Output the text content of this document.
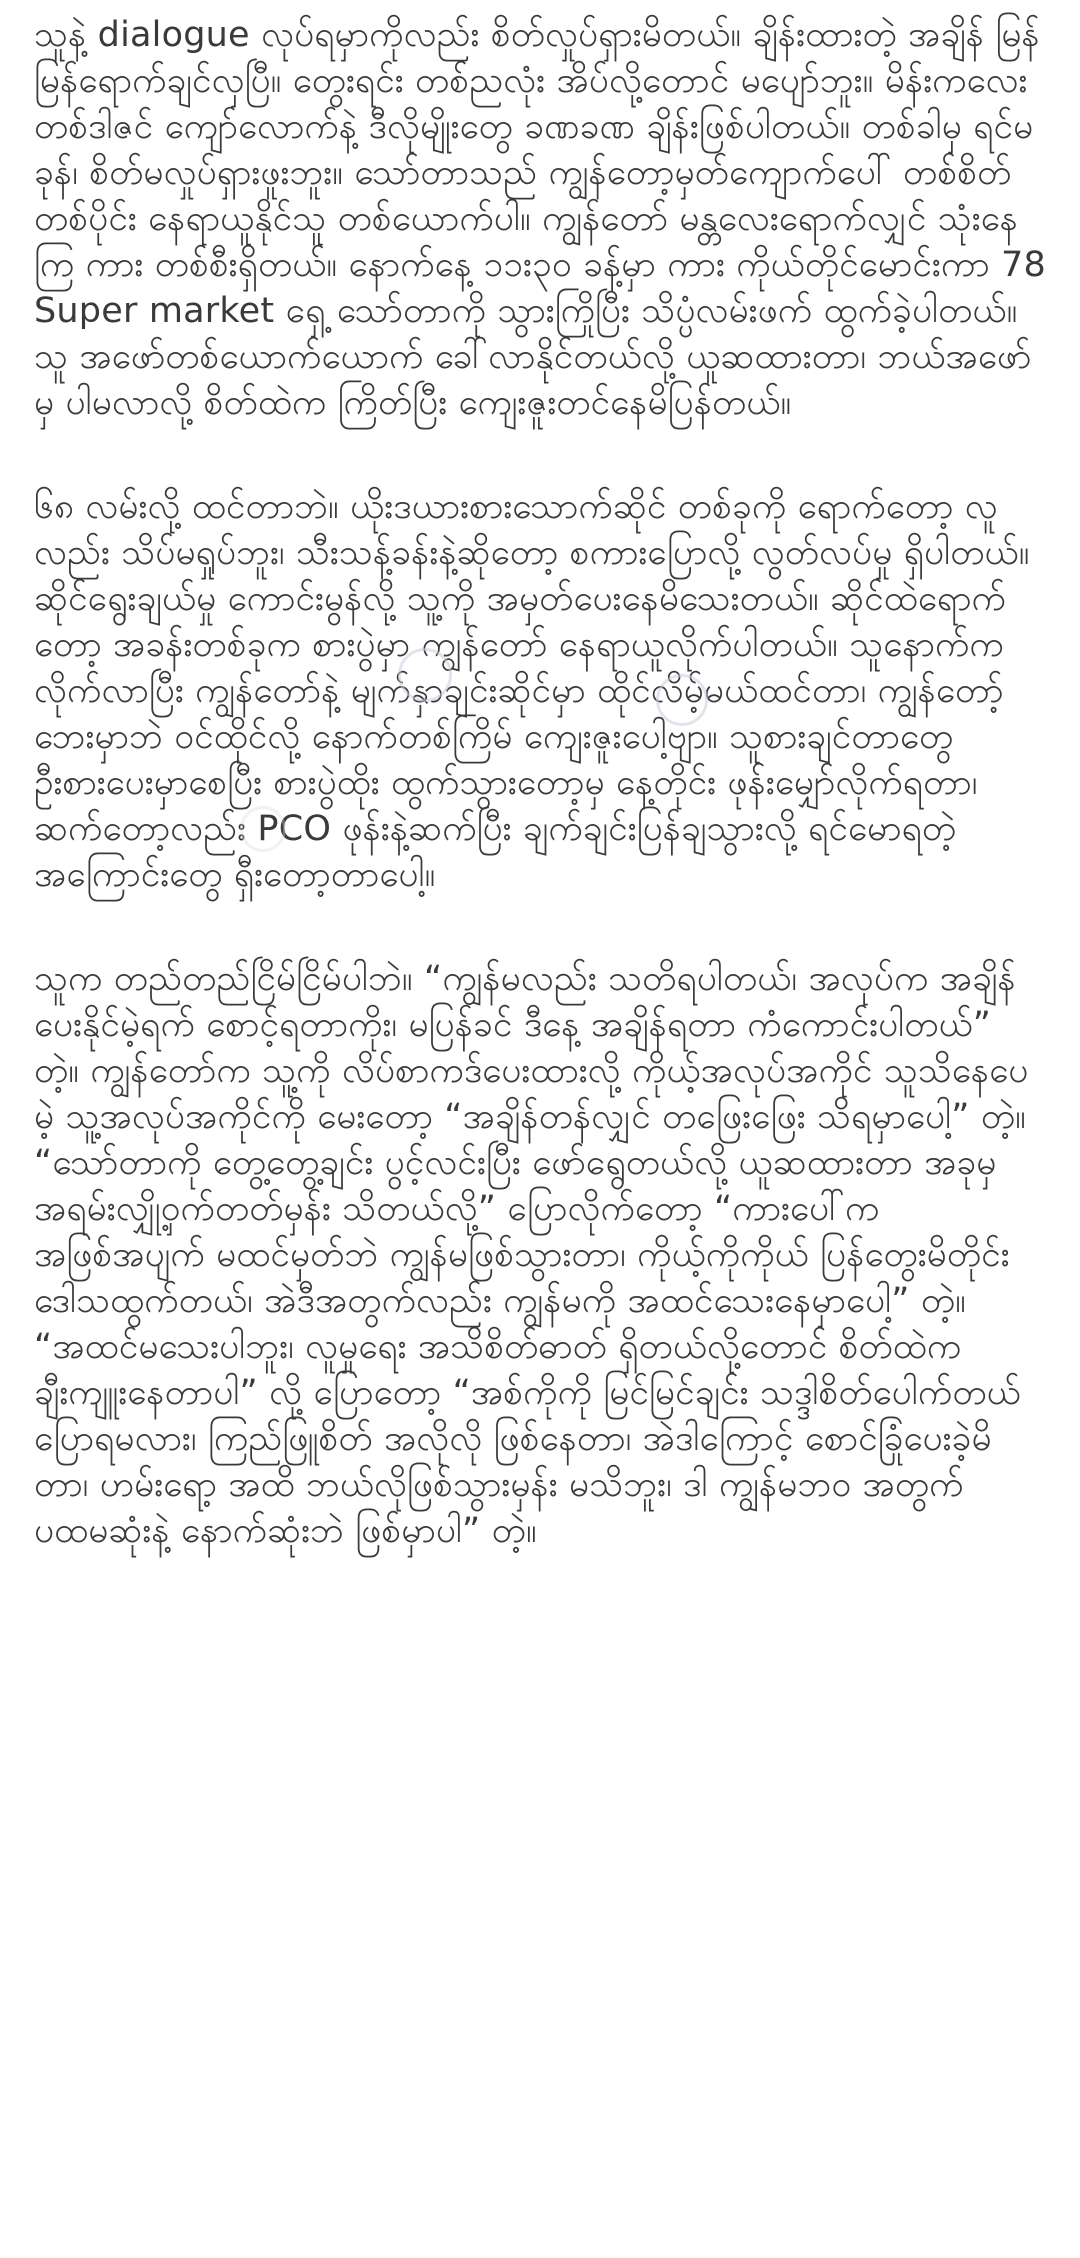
သူနဲ့ dialogue လုပ်ရမှာကိုလည်း စိတ်လှုပ်ရှားမိတယ်။ ချိန်းထားတဲ့ အချိန် မြန်မြန်ရောက်ချင်လှပြီ။ တွေးရင်း တစ်ညလုံး အိပ်လို့တောင် မပျော်ဘူး။ မိန်းကလေး တစ်ဒါဇင် ကျော်လောက်နဲ့ ဒီလိုမျိုးတွေ ခဏခဏ ချိန်းဖြစ်ပါတယ်။ တစ်ခါမှ ရင်မခုန်၊ စိတ်မလှုပ်ရှားဖူးဘူး။ သော်တာသည် ကျွန်တော့မှတ်ကျောက်ပေါ် တစ်စိတ်တစ်ပိုင်း နေရာယူနိုင်သူ တစ်ယောက်ပါ။ ကျွန်တော် မန္တလေးရောက်လျှင် သုံးနေကြ ကား တစ်စီးရှိတယ်။ နောက်နေ့ ၁၁း၃၀ ခန့်မှာ ကား ကိုယ်တိုင်မောင်းကာ 78 Super market ရှေ့ သော်တာကို သွားကြိုပြီး သိပ္ပံလမ်းဖက် ထွက်ခဲ့ပါတယ်။ သူ အဖော်တစ်ယောက်ယောက် ခေါ်လာနိုင်တယ်လို့ ယူဆထားတာ၊ ဘယ်အဖော်မှ ပါမလာလို့ စိတ်ထဲက ကြိတ်ပြီး ကျေးဇူးတင်နေမိပြန်တယ်။

၆၈ လမ်းလို့ ထင်တာဘဲ။ ယိုးဒယားစားသောက်ဆိုင် တစ်ခုကို ရောက်တော့ လူလည်း သိပ်မရှုပ်ဘူး၊ သီးသန့်ခန်းနဲ့ဆိုတော့ စကားပြောလို့ လွတ်လပ်မှု ရှိပါတယ်။ ဆိုင်ရွေးချယ်မှု ကောင်းမွန်လို့ သူ့ကို အမှတ်ပေးနေမိသေးတယ်။ ဆိုင်ထဲရောက်တော့ အခန်းတစ်ခုက စားပွဲမှာ ကျွန်တော် နေရာယူလိုက်ပါတယ်။ သူနောက်က လိုက်လာပြီး ကျွန်တော်နဲ့ မျက်နှာချင်းဆိုင်မှာ ထိုင်လိမ့်မယ်ထင်တာ၊ ကျွန်တော့်ဘေးမှာဘဲ ဝင်ထိုင်လို့ နောက်တစ်ကြိမ် ကျေးဇူးပေါ့ဗျာ။ သူစားချင်တာတွေ ဦးစားပေးမှာစေပြီး စားပွဲထိုး ထွက်သွားတော့မှ နေ့တိုင်း ဖုန်းမျှော်လိုက်ရတာ၊ ဆက်တော့လည်း PCO ဖုန်းနဲ့ဆက်ပြီး ချက်ချင်းပြန်ချသွားလို့ ရင်မောရတဲ့ အကြောင်းတွေ ရှီးတော့တာပေါ့။

သူက တည်တည်ငြိမ်ငြိမ်ပါဘဲ။ “ကျွန်မလည်း သတိရပါတယ်၊ အလုပ်က အချိန်ပေးနိုင်မဲ့ရက် စောင့်ရတာကိုး၊ မပြန်ခင် ဒီနေ့ အချိန်ရတာ ကံကောင်းပါတယ်” တဲ့။ ကျွန်တော်က သူ့ကို လိပ်စာကဒ်ပေးထားလို့ ကိုယ့်အလုပ်အကိုင် သူသိနေပေမဲ့ သူ့အလုပ်အကိုင်ကို မေးတော့ “အချိန်တန်လျှင် တဖြေးဖြေး သိရမှာပေါ့” တဲ့။ “သော်တာကို တွေ့တွေ့ချင်း ပွင့်လင်းပြီး ဖော်ရွေတယ်လို့ ယူဆထားတာ အခုမှ အရမ်းလျှို့ဝှက်တတ်မှန်း သိတယ်လို့” ပြောလိုက်တော့ “ကားပေါ်က အဖြစ်အပျက် မထင်မှတ်ဘဲ ကျွန်မဖြစ်သွားတာ၊ ကိုယ့်ကိုကိုယ် ပြန်တွေးမိတိုင်း ဒေါသထွက်တယ်၊ အဲဒီအတွက်လည်း ကျွန်မကို အထင်သေးနေမှာပေါ့” တဲ့။ “အထင်မသေးပါဘူး၊ လူမှုရေး အသိစိတ်ဓာတ် ရှိတယ်လို့တောင် စိတ်ထဲက ချီးကျူးနေတာပါ” လို့ ပြောတော့ “အစ်ကိုကို မြင်မြင်ချင်း သဒ္ဒါစိတ်ပေါက်တယ် ပြောရမလား၊ ကြည်ဖြူစိတ် အလိုလို ဖြစ်နေတာ၊ အဲဒါကြောင့် စောင်ခြုံပေးခဲ့မိတာ၊ ဟမ်းရော့ အထိ ဘယ်လိုဖြစ်သွားမှန်း မသိဘူး၊ ဒါ ကျွန်မဘဝ အတွက် ပထမဆုံးနဲ့ နောက်ဆုံးဘဲ ဖြစ်မှာပါ” တဲ့။
